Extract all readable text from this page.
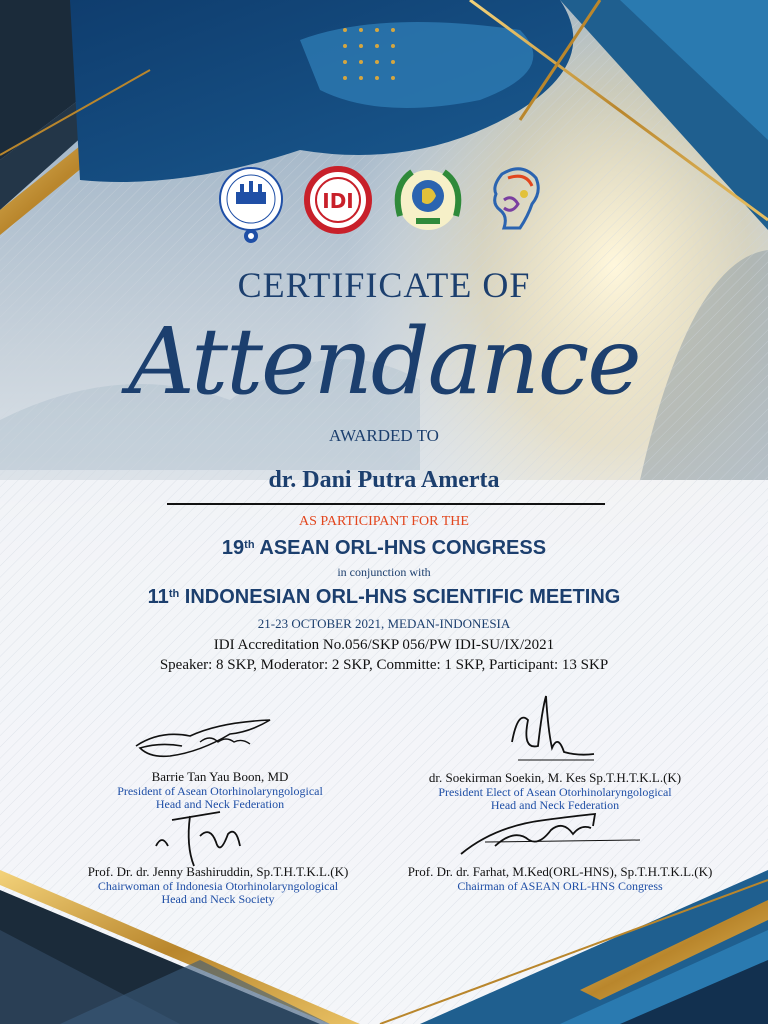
IDI
CERTIFICATE OF
Attendance
AWARDED TO
dr. Dani Putra Amerta
AS PARTICIPANT FOR THE
19th ASEAN ORL-HNS CONGRESS
in conjunction with
11th INDONESIAN ORL-HNS SCIENTIFIC MEETING
21-23 OCTOBER 2021, MEDAN-INDONESIA
IDI Accreditation No.056/SKP 056/PW IDI-SU/IX/2021
Speaker: 8 SKP, Moderator: 2 SKP, Committe: 1 SKP, Participant: 13 SKP
Barrie Tan Yau Boon, MD
President of Asean Otorhinolaryngological
Head and Neck Federation
dr. Soekirman Soekin, M. Kes Sp.T.H.T.K.L.(K)
President Elect of Asean Otorhinolaryngological
Head and Neck Federation
Prof. Dr. dr. Jenny Bashiruddin, Sp.T.H.T.K.L.(K)
Chairwoman of Indonesia Otorhinolaryngological
Head and Neck Society
Prof. Dr. dr. Farhat, M.Ked(ORL-HNS), Sp.T.H.T.K.L.(K)
Chairman of ASEAN ORL-HNS Congress
